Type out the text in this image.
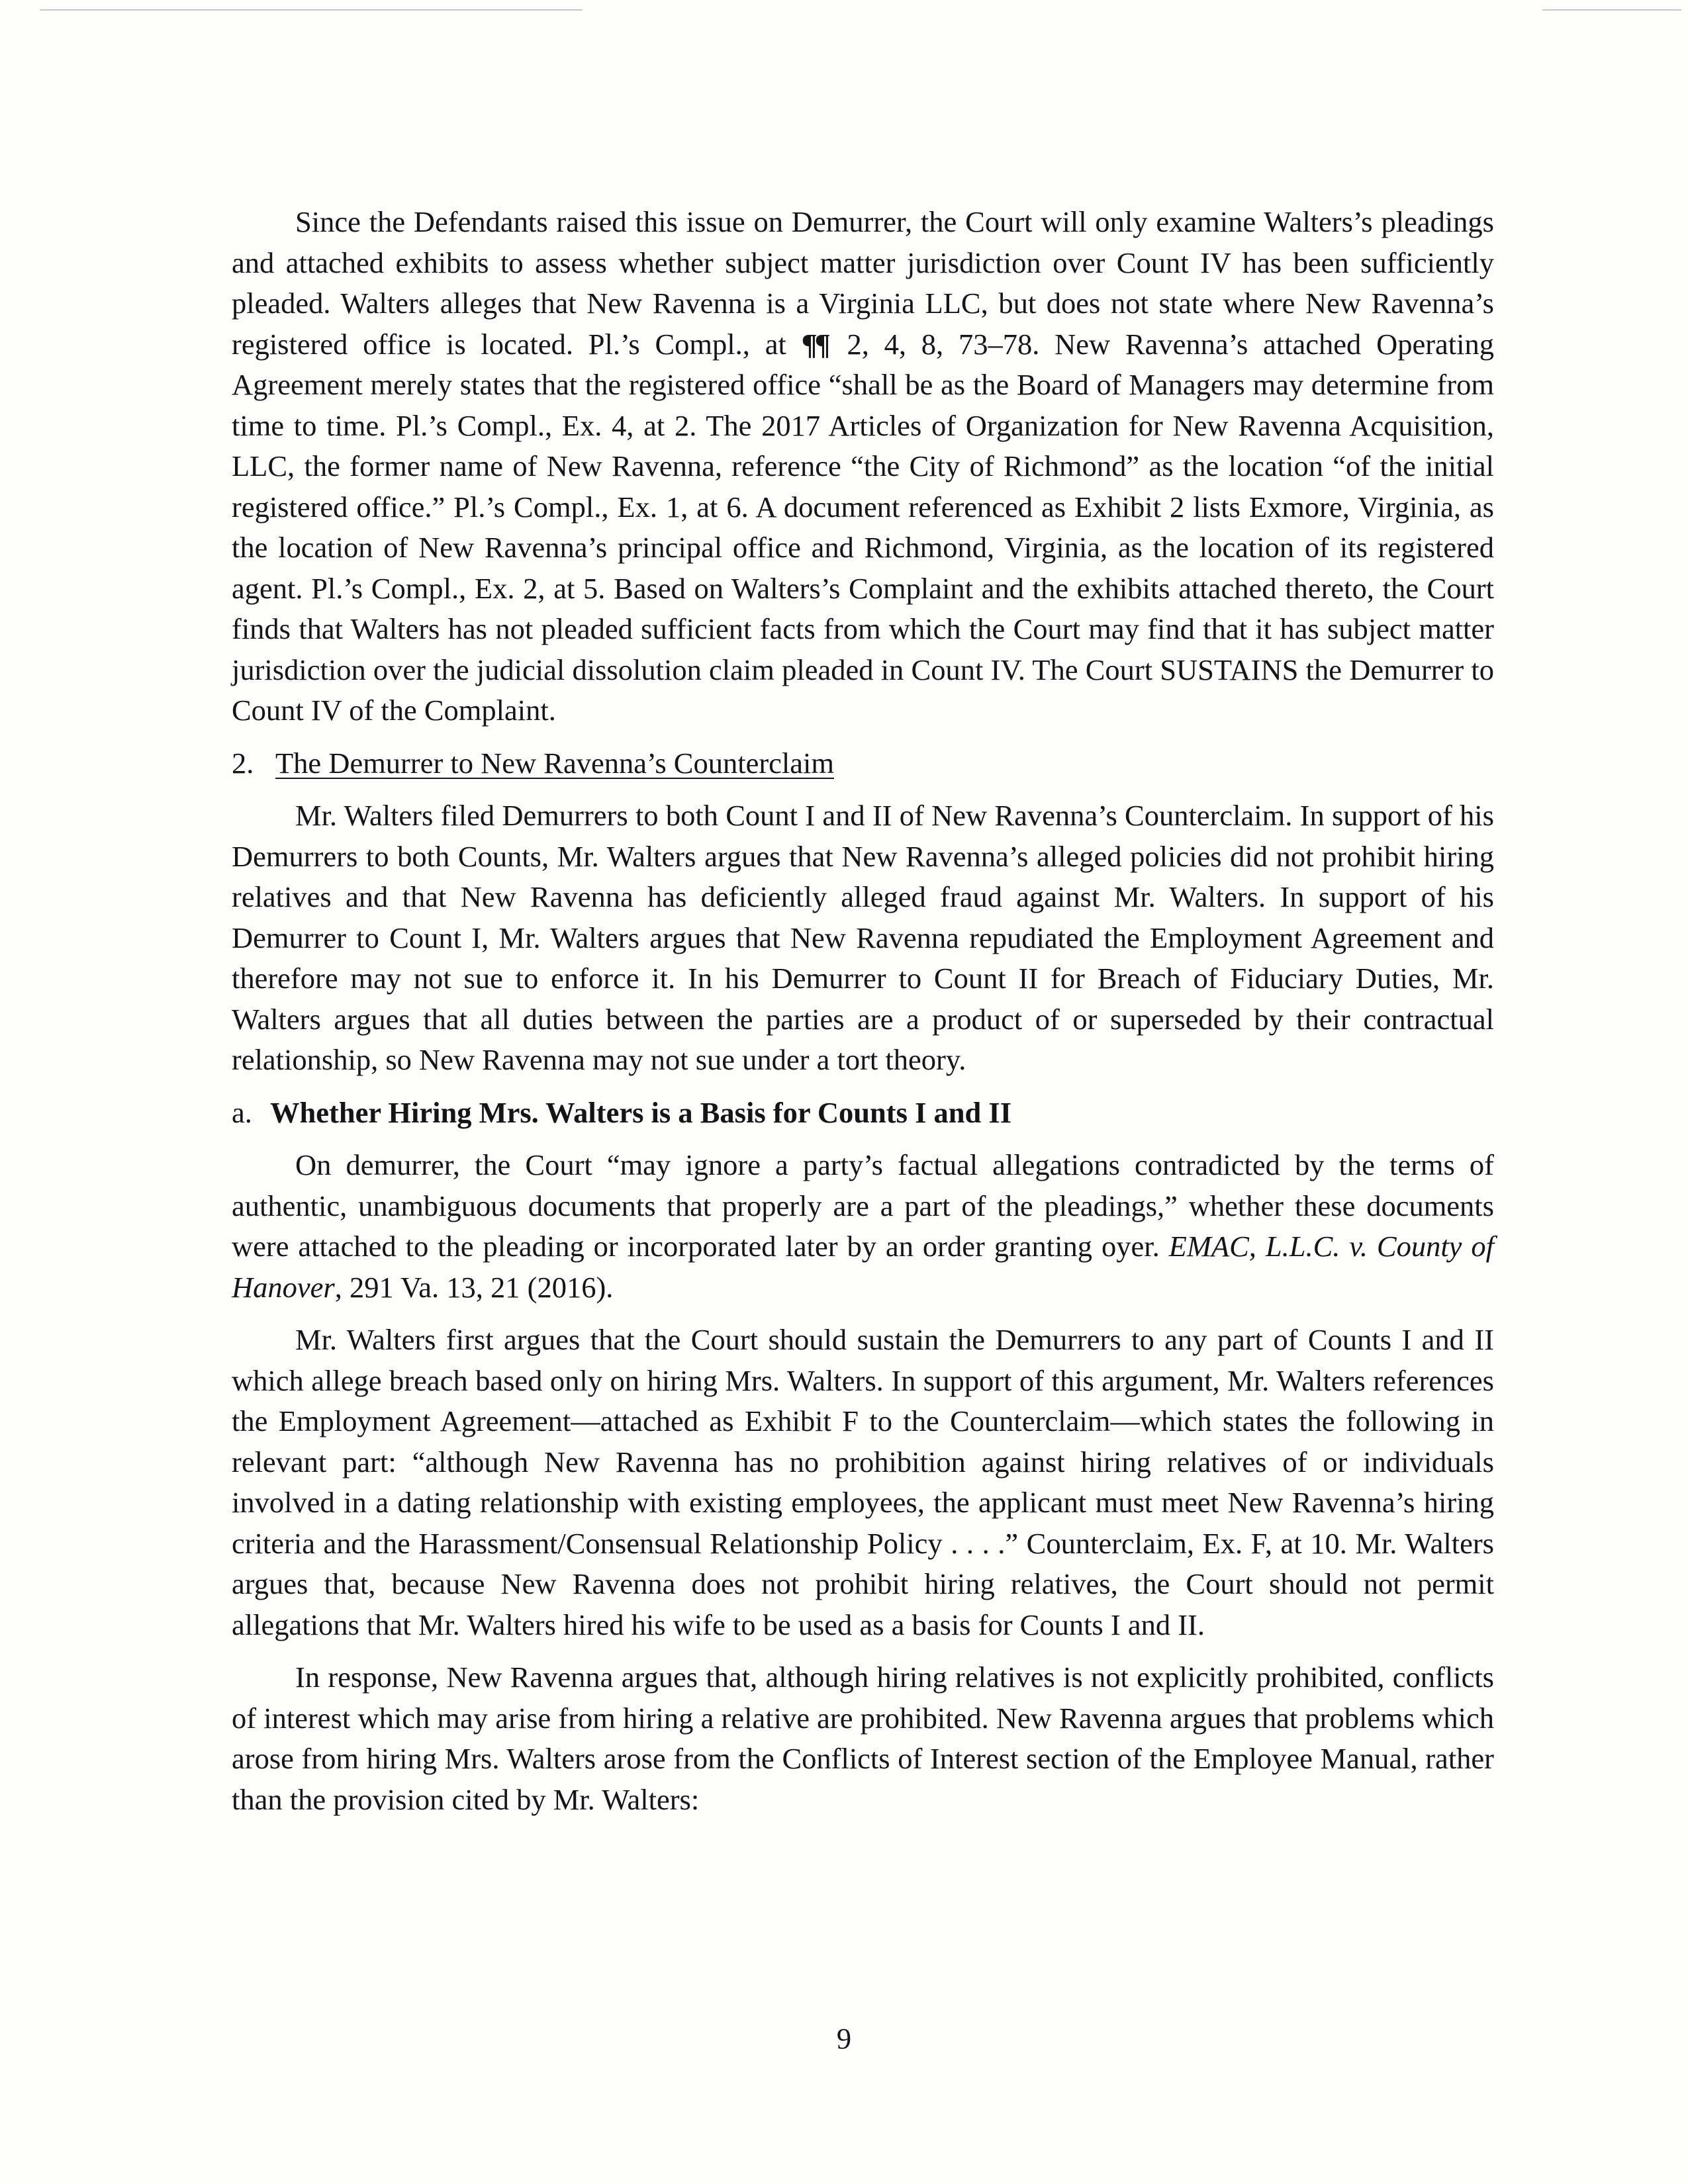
Since the Defendants raised this issue on Demurrer, the Court will only examine Walters’s pleadings and attached exhibits to assess whether subject matter jurisdiction over Count IV has been sufficiently pleaded. Walters alleges that New Ravenna is a Virginia LLC, but does not state where New Ravenna’s registered office is located. Pl.’s Compl., at ¶¶ 2, 4, 8, 73–78. New Ravenna’s attached Operating Agreement merely states that the registered office “shall be as the Board of Managers may determine from time to time. Pl.’s Compl., Ex. 4, at 2. The 2017 Articles of Organization for New Ravenna Acquisition, LLC, the former name of New Ravenna, reference “the City of Richmond” as the location “of the initial registered office.” Pl.’s Compl., Ex. 1, at 6. A document referenced as Exhibit 2 lists Exmore, Virginia, as the location of New Ravenna’s principal office and Richmond, Virginia, as the location of its registered agent. Pl.’s Compl., Ex. 2, at 5. Based on Walters’s Complaint and the exhibits attached thereto, the Court finds that Walters has not pleaded sufficient facts from which the Court may find that it has subject matter jurisdiction over the judicial dissolution claim pleaded in Count IV. The Court SUSTAINS the Demurrer to Count IV of the Complaint.

2. The Demurrer to New Ravenna’s Counterclaim

Mr. Walters filed Demurrers to both Count I and II of New Ravenna’s Counterclaim. In support of his Demurrers to both Counts, Mr. Walters argues that New Ravenna’s alleged policies did not prohibit hiring relatives and that New Ravenna has deficiently alleged fraud against Mr. Walters. In support of his Demurrer to Count I, Mr. Walters argues that New Ravenna repudiated the Employment Agreement and therefore may not sue to enforce it. In his Demurrer to Count II for Breach of Fiduciary Duties, Mr. Walters argues that all duties between the parties are a product of or superseded by their contractual relationship, so New Ravenna may not sue under a tort theory.

a. Whether Hiring Mrs. Walters is a Basis for Counts I and II

On demurrer, the Court “may ignore a party’s factual allegations contradicted by the terms of authentic, unambiguous documents that properly are a part of the pleadings,” whether these documents were attached to the pleading or incorporated later by an order granting oyer. EMAC, L.L.C. v. County of Hanover, 291 Va. 13, 21 (2016).

Mr. Walters first argues that the Court should sustain the Demurrers to any part of Counts I and II which allege breach based only on hiring Mrs. Walters. In support of this argument, Mr. Walters references the Employment Agreement—attached as Exhibit F to the Counterclaim—which states the following in relevant part: “although New Ravenna has no prohibition against hiring relatives of or individuals involved in a dating relationship with existing employees, the applicant must meet New Ravenna’s hiring criteria and the Harassment/Consensual Relationship Policy . . . .” Counterclaim, Ex. F, at 10. Mr. Walters argues that, because New Ravenna does not prohibit hiring relatives, the Court should not permit allegations that Mr. Walters hired his wife to be used as a basis for Counts I and II.

In response, New Ravenna argues that, although hiring relatives is not explicitly prohibited, conflicts of interest which may arise from hiring a relative are prohibited. New Ravenna argues that problems which arose from hiring Mrs. Walters arose from the Conflicts of Interest section of the Employee Manual, rather than the provision cited by Mr. Walters:

9
